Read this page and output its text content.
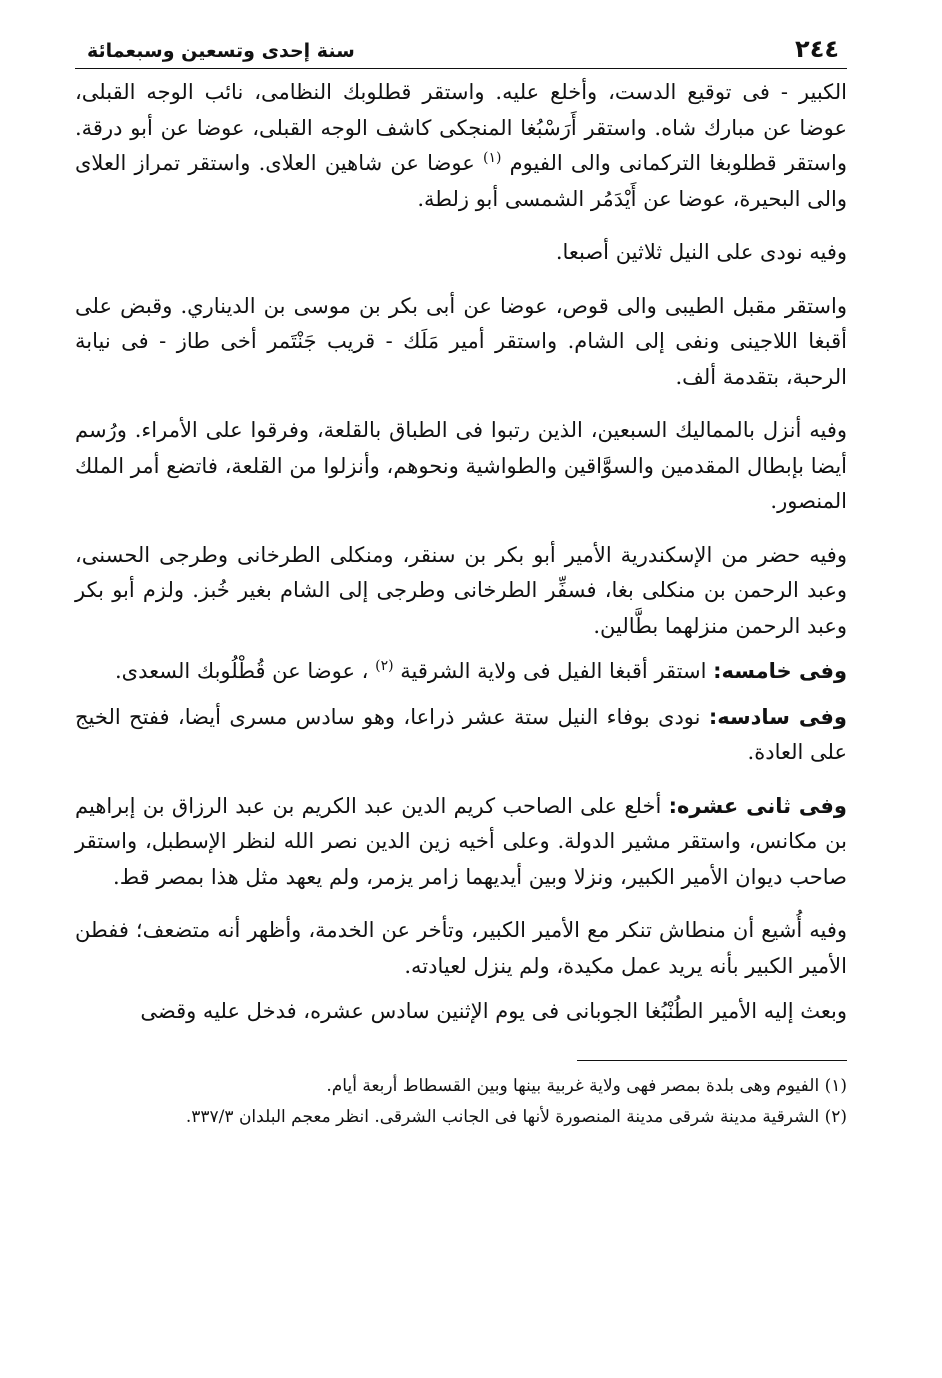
٢٤٤
سنة إحدى وتسعين وسبعمائة

الكبير - فى توقيع الدست، وأخلع عليه. واستقر قطلوبك النظامى، نائب الوجه القبلى، عوضا عن مبارك شاه. واستقر أَرَسْبُغا المنجكى كاشف الوجه القبلى، عوضا عن أبو درقة. واستقر قطلوبغا التركمانى والى الفيوم $^{(١)}$ عوضا عن شاهين العلاى. واستقر تمراز العلاى والى البحيرة، عوضا عن أَيْدَمُر الشمسى أبو زلطة.

وفيه نودى على النيل ثلاثين أصبعا.

واستقر مقبل الطيبى والى قوص، عوضا عن أبى بكر بن موسى بن الديناري. وقبض على أقبغا اللاجينى ونفى إلى الشام. واستقر أمير مَلَك - قريب جَنْتَمر أخى طاز - فى نيابة الرحبة، بتقدمة ألف.

وفيه أنزل بالمماليك السبعين، الذين رتبوا فى الطباق بالقلعة، وفرقوا على الأمراء. ورُسم أيضا بإبطال المقدمين والسوَّاقين والطواشية ونحوهم، وأنزلوا من القلعة، فاتضع أمر الملك المنصور.

وفيه حضر من الإسكندرية الأمير أبو بكر بن سنقر، ومنكلى الطرخانى وطرجى الحسنى، وعبد الرحمن بن منكلى بغا، فسفِّر الطرخانى وطرجى إلى الشام بغير خُبز. ولزم أبو بكر وعبد الرحمن منزلهما بطَّالين.

وفى خامسه: استقر أقبغا الفيل فى ولاية الشرقية $^{(٢)}$ ، عوضا عن قُطْلُوبك السعدى.

وفى سادسه: نودى بوفاء النيل ستة عشر ذراعا، وهو سادس مسرى أيضا، ففتح الخيج على العادة.

وفى ثانى عشره: أخلع على الصاحب كريم الدين عبد الكريم بن عبد الرزاق بن إبراهيم بن مكانس، واستقر مشير الدولة. وعلى أخيه زين الدين نصر الله لنظر الإسطبل، واستقر صاحب ديوان الأمير الكبير، ونزلا وبين أيديهما زامر يزمر، ولم يعهد مثل هذا بمصر قط.

وفيه أُشيع أن منطاش تنكر مع الأمير الكبير، وتأخر عن الخدمة، وأظهر أنه متضعف؛ ففطن الأمير الكبير بأنه يريد عمل مكيدة، ولم ينزل لعيادته.

وبعث إليه الأمير الطُنْبُغا الجوبانى فى يوم الإثنين سادس عشره، فدخل عليه وقضى

(١) الفيوم وهى بلدة بمصر فهى ولاية غربية بينها وبين القسطاط أربعة أيام.

(٢) الشرقية مدينة شرقى مدينة المنصورة لأنها فى الجانب الشرقى. انظر معجم البلدان ٣٣٧/٣.
